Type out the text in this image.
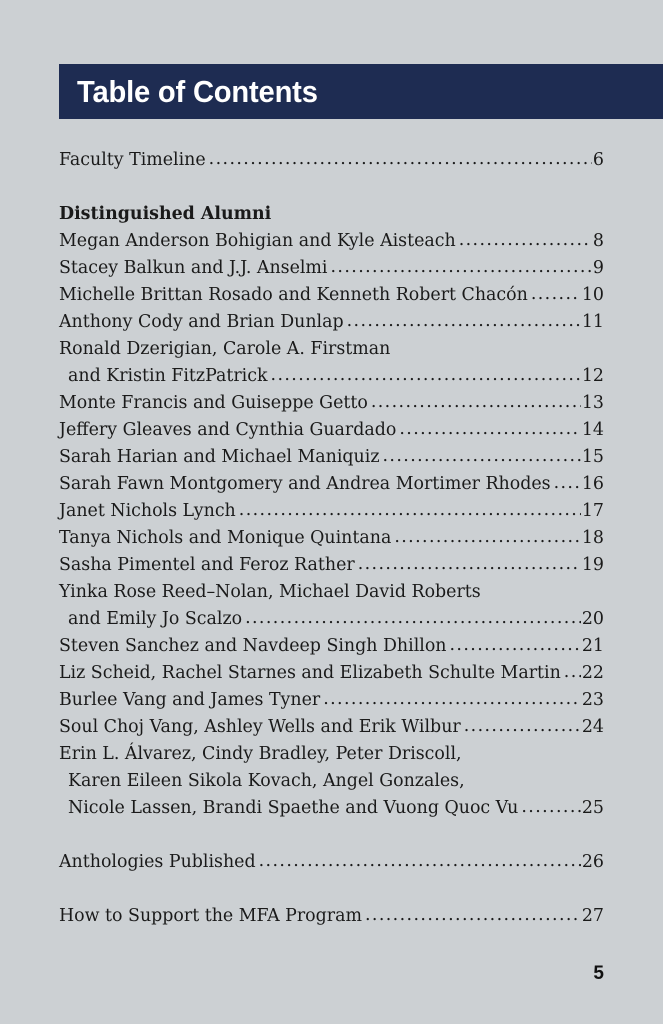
Table of Contents
Faculty Timeline .....	6
Distinguished Alumni
Megan Anderson Bohigian and Kyle Aisteach .....	8
Stacey Balkun and J.J. Anselmi .....	9
Michelle Brittan Rosado and Kenneth Robert Chacón .....	10
Anthony Cody and Brian Dunlap .....	11
Ronald Dzerigian, Carole A. Firstman
and Kristin FitzPatrick .....	12
Monte Francis and Guiseppe Getto .....	13
Jeffery Gleaves and Cynthia Guardado .....	14
Sarah Harian and Michael Maniquiz .....	15
Sarah Fawn Montgomery and Andrea Mortimer Rhodes ..... 16
Janet Nichols Lynch .....	17
Tanya Nichols and Monique Quintana .....	18
Sasha Pimentel and Feroz Rather .....	19
Yinka Rose Reed–Nolan, Michael David Roberts
and Emily Jo Scalzo .....	20
Steven Sanchez and Navdeep Singh Dhillon .....	21
Liz Scheid, Rachel Starnes and Elizabeth Schulte Martin ..... 22
Burlee Vang and James Tyner .....	23
Soul Choj Vang, Ashley Wells and Erik Wilbur .....	24
Erin L. Álvarez, Cindy Bradley, Peter Driscoll,
Karen Eileen Sikola Kovach, Angel Gonzales,
Nicole Lassen, Brandi Spaethe and Vuong Quoc Vu .....	25
Anthologies Published .....	26
How to Support the MFA Program .....	27
5
